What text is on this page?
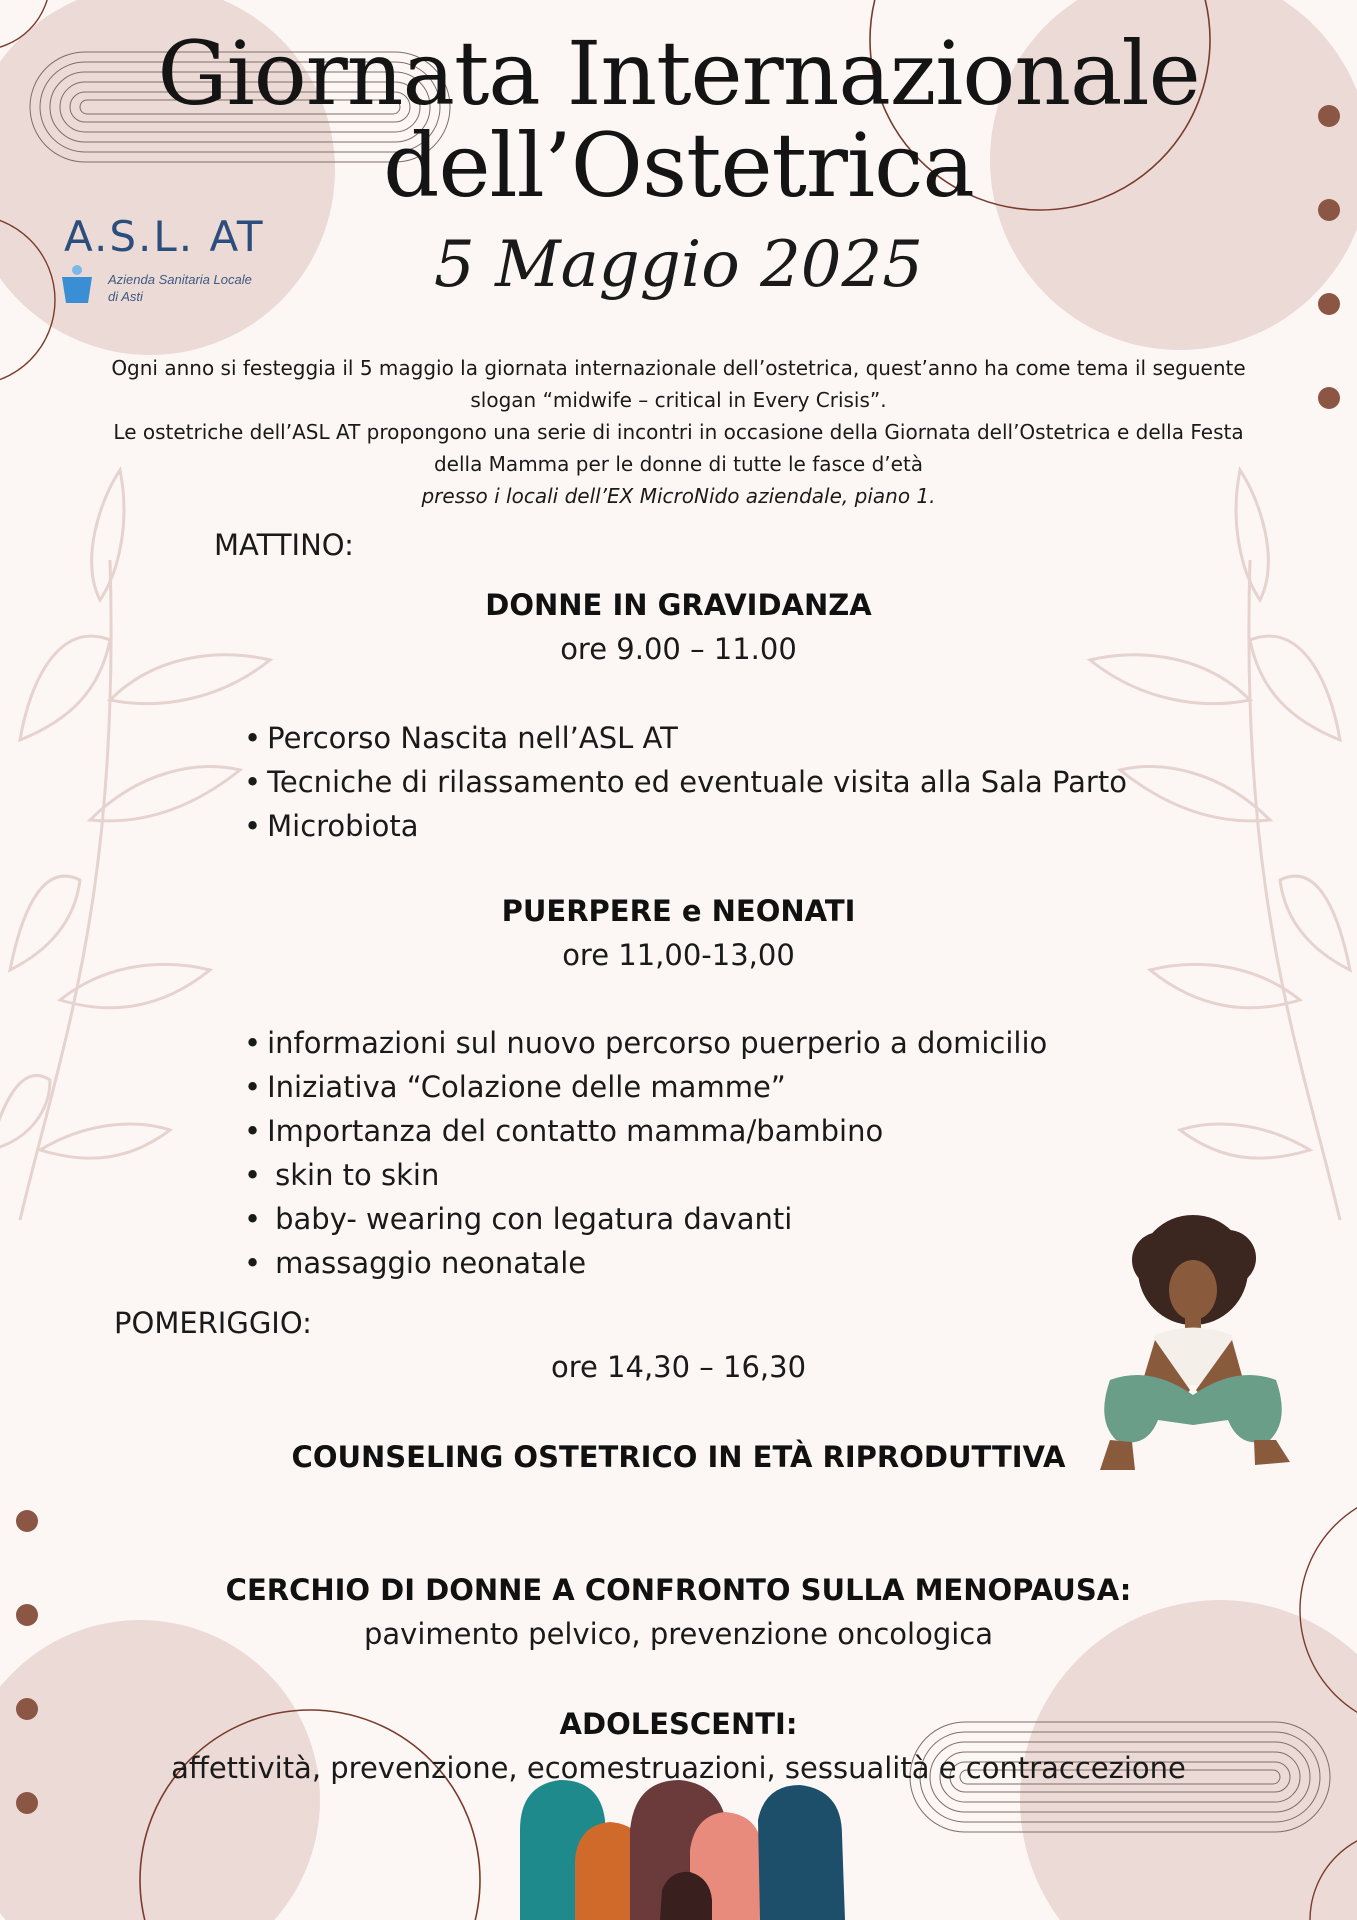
Giornata Internazionale
dell’Ostetrica
5 Maggio 2025
A.S.L. AT
Azienda Sanitaria Locale
di Asti
Ogni anno si festeggia il 5 maggio la giornata internazionale dell’ostetrica, quest’anno ha come tema il seguente
slogan “midwife – critical in Every Crisis”.
Le ostetriche dell’ASL AT propongono una serie di incontri in occasione della Giornata dell’Ostetrica e della Festa
della Mamma per le donne di tutte le fasce d’età
presso i locali dell’EX MicroNido aziendale, piano 1.
MATTINO:
DONNE IN GRAVIDANZA
ore 9.00 – 11.00
• Percorso Nascita nell’ASL AT
• Tecniche di rilassamento ed eventuale visita alla Sala Parto
• Microbiota
PUERPERE e NEONATI
ore 11,00-13,00
• informazioni sul nuovo percorso puerperio a domicilio
• Iniziativa “Colazione delle mamme”
• Importanza del contatto mamma/bambino
• skin to skin
• baby- wearing con legatura davanti
• massaggio neonatale
POMERIGGIO:
ore 14,30 – 16,30
COUNSELING OSTETRICO IN ETÀ RIPRODUTTIVA
CERCHIO DI DONNE A CONFRONTO SULLA MENOPAUSA:
pavimento pelvico, prevenzione oncologica
ADOLESCENTI:
affettività, prevenzione, ecomestruazioni, sessualità e contraccezione
